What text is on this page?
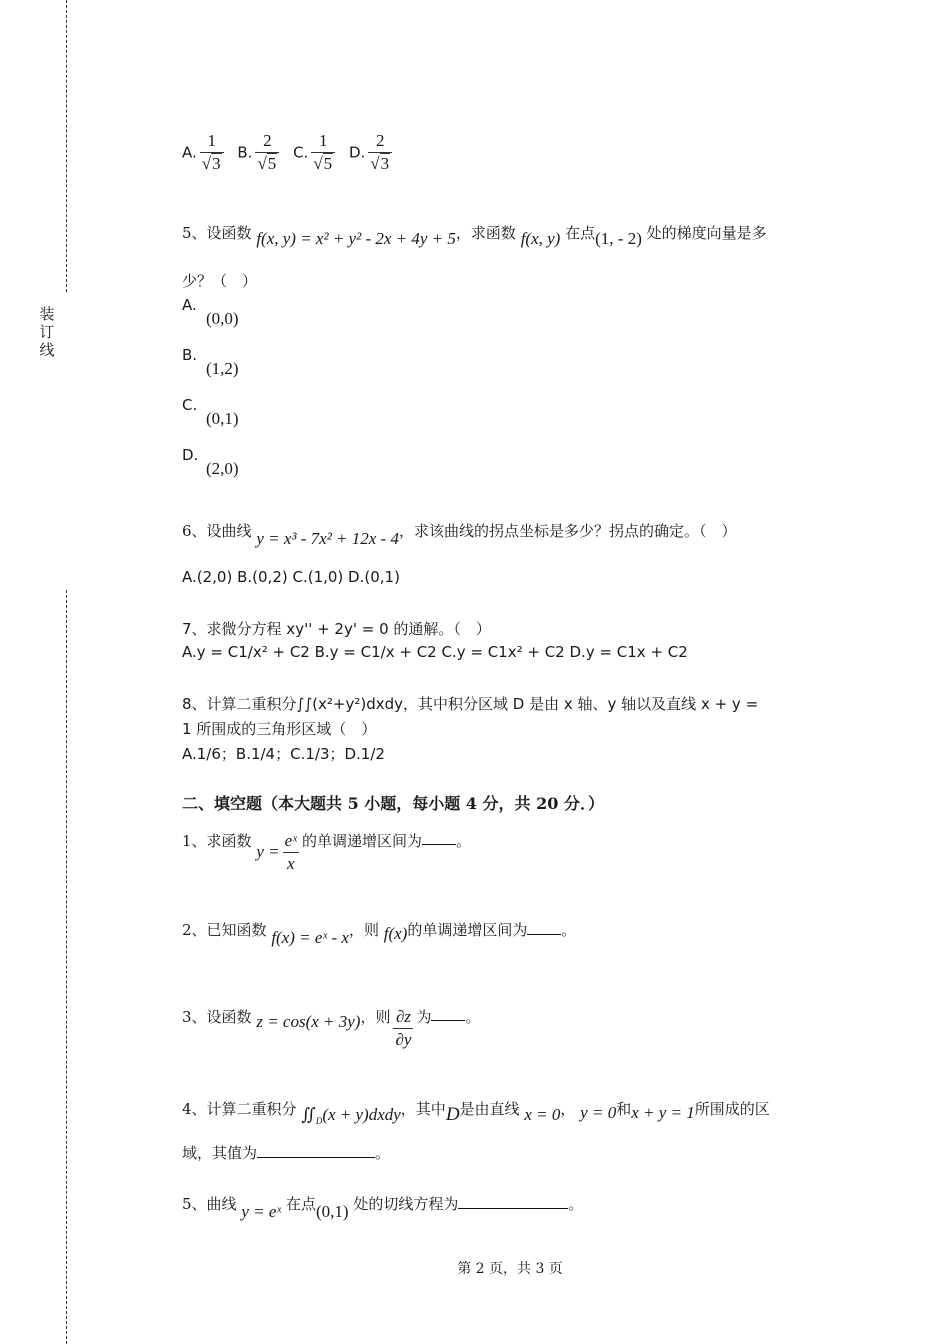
装
订
线
A. $\frac{1}{√3} B$. $\frac{2}{√5} C$. $\frac{1}{√5} D$. $\frac{2}{√3}$
5、设函数 f(x, y) = x² + y² - 2x + 4y + 5，求函数 f(x, y) 在点(1, - 2) 处的梯度向量是多
少？（　）
A.
(0,0)
B.
(1,2)
C.
(0,1)
D.
(2,0)
6、设曲线 y = x³ - 7x² + 12x - 4，求该曲线的拐点坐标是多少？拐点的确定。（　）
A.(2,0) B.(0,2) C.(1,0) D.(0,1)
7、求微分方程 xy'' + 2y' = 0 的通解。（　）
A.y = C1/x² + C2 B.y = C1/x + C2 C.y = C1x² + C2 D.y = C1x + C2
8、计算二重积分∫∫(x²+y²)dxdy，其中积分区域 D 是由 x 轴、y 轴以及直线 x + y =
1 所围成的三角形区域（　）
A.1/6；B.1/4；C.1/3；D.1/2
二、填空题（本大题共 5 小题，每小题 4 分，共 20 分．）
1、求函数 $y = \frac{\text{eˣ}}{x}$ 的单调递增区间为 。
2、已知函数 f(x) = eˣ - x，则 f(x)的单调递增区间为 。
3、设函数 z = cos(x + 3y)，则 $\frac{\partial z}{\partial y}$ 为 。
4、计算二重积分 $∬_D(x$ + y)dxdy，其中D是由直线 x = 0， y = 0和x + y = 1所围成的区
域，其值为	。
5、曲线 y = eˣ 在点(0,1) 处的切线方程为	。
第 2 页，共 3 页
